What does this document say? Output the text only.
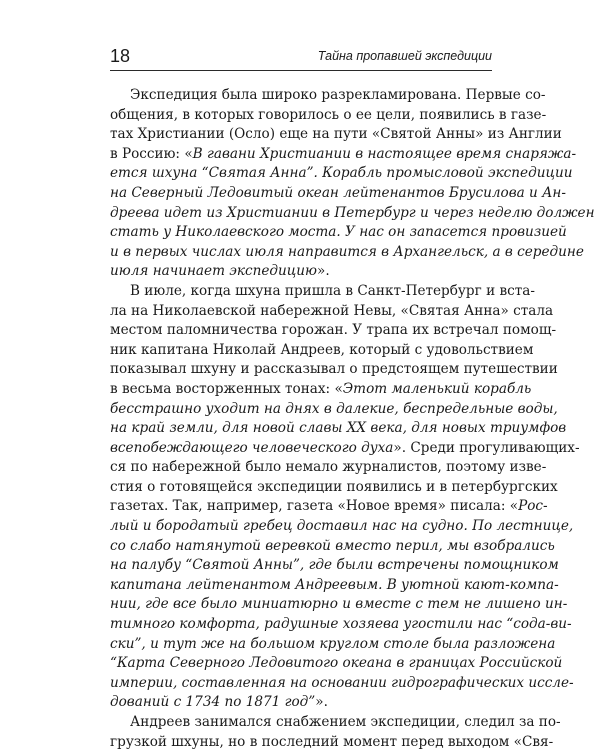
18	Тайна пропавшей экспедиции
Экспедиция была широко разрекламирована. Первые со-
общения, в которых говорилось о ее цели, появились в газе-
тах Христиании (Осло) еще на пути «Святой Анны» из Англии
в Россию: «В гавани Христиании в настоящее время снаряжа-
ется шхуна “Святая Анна”. Корабль промысловой экспедиции
на Северный Ледовитый океан лейтенантов Брусилова и Ан-
дреева идет из Христиании в Петербург и через неделю должен
стать у Николаевского моста. У нас он запасется провизией
и в первых числах июля направится в Архангельск, а в середине
июля начинает экспедицию».
В июле, когда шхуна пришла в Санкт-Петербург и вста-
ла на Николаевской набережной Невы, «Святая Анна» стала
местом паломничества горожан. У трапа их встречал помощ-
ник капитана Николай Андреев, который с удовольствием
показывал шхуну и рассказывал о предстоящем путешествии
в весьма восторженных тонах: «Этот маленький корабль
бесстрашно уходит на днях в далекие, беспредельные воды,
на край земли, для новой славы XX века, для новых триумфов
всепобеждающего человеческого духа». Среди прогуливающих-
ся по набережной было немало журналистов, поэтому изве-
стия о готовящейся экспедиции появились и в петербургских
газетах. Так, например, газета «Новое время» писала: «Рос-
лый и бородатый гребец доставил нас на судно. По лестнице,
со слабо натянутой веревкой вместо перил, мы взобрались
на палубу “Святой Анны”, где были встречены помощником
капитана лейтенантом Андреевым. В уютной кают-компа-
нии, где все было миниатюрно и вместе с тем не лишено ин-
тимного комфорта, радушные хозяева угостили нас “сода-ви-
ски”, и тут же на большом круглом столе была разложена
“Карта Северного Ледовитого океана в границах Российской
империи, составленная на основании гидрографических иссле-
дований с 1734 по 1871 год”».
Андреев занимался снабжением экспедиции, следил за по-
грузкой шхуны, но в последний момент перед выходом «Свя-
